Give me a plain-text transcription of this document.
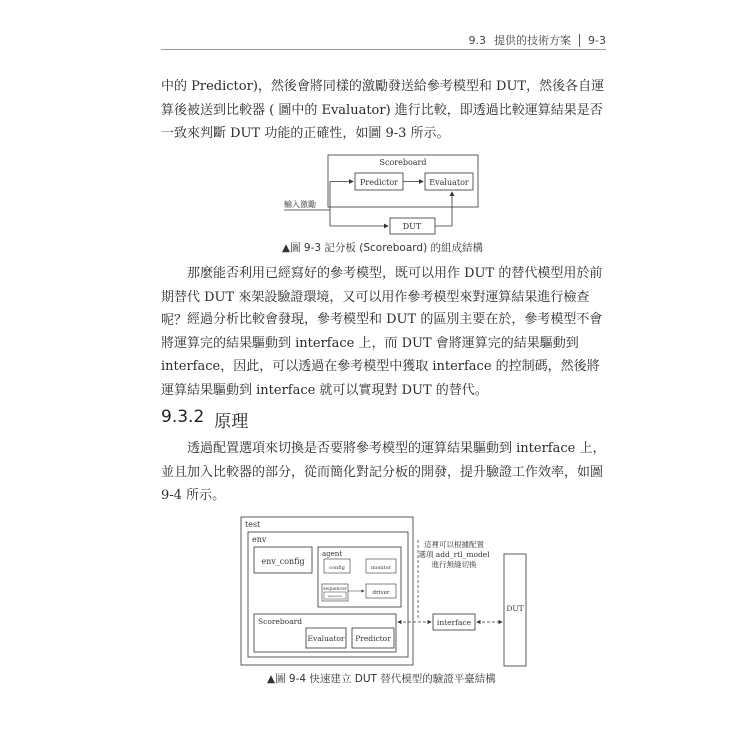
9.3 提供的技術方案 9-3

中的 Predictor)，然後會將同樣的激勵發送給參考模型和 DUT，然後各自運算後被送到比較器 ( 圖中的 Evaluator) 進行比較，即透過比較運算結果是否一致來判斷 DUT 功能的正確性，如圖 9-3 所示。

Scoreboard
Predictor	Evaluator
輸入激勵
DUT
▲圖 9-3 記分板 (Scoreboard) 的組成結構

那麼能否利用已經寫好的參考模型，既可以用作 DUT 的替代模型用於前期替代 DUT 來架設驗證環境，又可以用作參考模型來對運算結果進行檢查呢？ 經過分析比較會發現，參考模型和 DUT 的區別主要在於，參考模型不會將運算完的結果驅動到 interface 上，而 DUT 會將運算完的結果驅動到 interface，因此，可以透過在參考模型中獲取 interface 的控制碼，然後將運算結果驅動到 interface 就可以實現對 DUT 的替代。

9.3.2 原理

透過配置選項來切換是否要將參考模型的運算結果驅動到 interface 上，並且加入比較器的部分，從而簡化對記分板的開發，提升驗證工作效率，如圖 9-4 所示。

test
env
env_config
agent
config	monitor
sequencer
sequence	driver
Scoreboard
Evaluator Predictor
interface
DUT
這裡可以根據配置
選項 add_rtl_model
進行無縫切換
▲圖 9-4 快速建立 DUT 替代模型的驗證平臺結構
